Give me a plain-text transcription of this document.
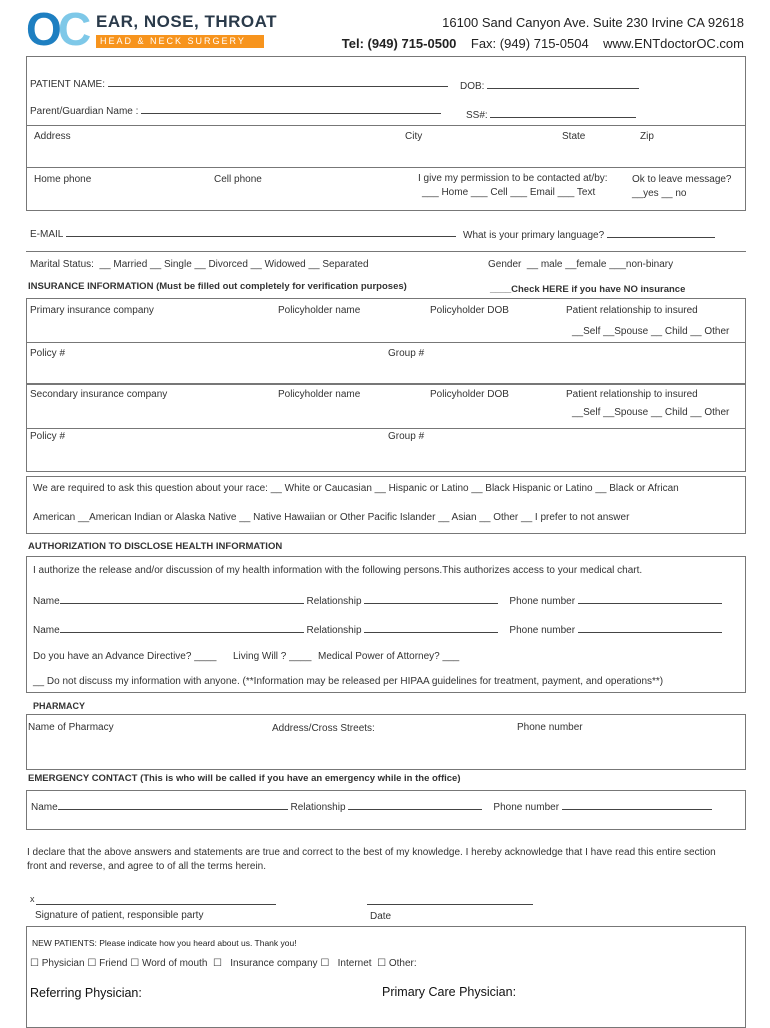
O
C EAR, NOSE, THROAT
HEAD & NECK SURGERY
16100 Sand Canyon Ave. Suite 230 Irvine CA 92618
Tel: (949) 715-0500 Fax: (949) 715-0504 www.ENTdoctorOC.com
PATIENT NAME:	DOB:
Parent/Guardian Name :	SS#:
Address	City	State	Zip
Home phone	Cell phone	I give my permission to be contacted at/by:
___ Home ___ Cell ___ Email ___ Text
Ok to leave message?
__yes __ no
E-MAIL	What is your primary language?
Marital Status: __ Married __ Single __ Divorced __ Widowed __ Separated	Gender __ male __female ___non-binary
INSURANCE INFORMATION (Must be filled out completely for verification purposes)	____Check HERE if you have NO insurance
Primary insurance company	Policyholder name	Policyholder DOB	Patient relationship to insured
__Self __Spouse __ Child __ Other
Policy #	Group #
Secondary insurance company	Policyholder name	Policyholder DOB	Patient relationship to insured
__Self __Spouse __ Child __ Other
Policy #	Group #
We are required to ask this question about your race: __ White or Caucasian __ Hispanic or Latino __ Black Hispanic or Latino __ Black or African
American __American Indian or Alaska Native __ Native Hawaiian or Other Pacific Islander __ Asian __ Other __ I prefer to not answer
AUTHORIZATION TO DISCLOSE HEALTH INFORMATION
I authorize the release and/or discussion of my health information with the following persons.This authorizes access to your medical chart.
Name	Relationship	Phone number
Name	Relationship	Phone number
Do you have an Advance Directive? ____ Living Will ? ____ Medical Power of Attorney? ___
__ Do not discuss my information with anyone. (**Information may be released per HIPAA guidelines for treatment, payment, and operations**)
PHARMACY
Name of Pharmacy	Address/Cross Streets:	Phone number
EMERGENCY CONTACT (This is who will be called if you have an emergency while in the office)
Name	Relationship	Phone number
I declare that the above answers and statements are true and correct to the best of my knowledge. I hereby acknowledge that I have read this entire section
front and reverse, and agree to of all the terms herein.
x
Signature of patient, responsible party	Date
NEW PATIENTS: Please indicate how you heard about us. Thank you!
☐ Physician ☐ Friend ☐ Word of mouth ☐   Insurance company ☐   Internet ☐ Other:
Referring Physician:	Primary Care Physician:
